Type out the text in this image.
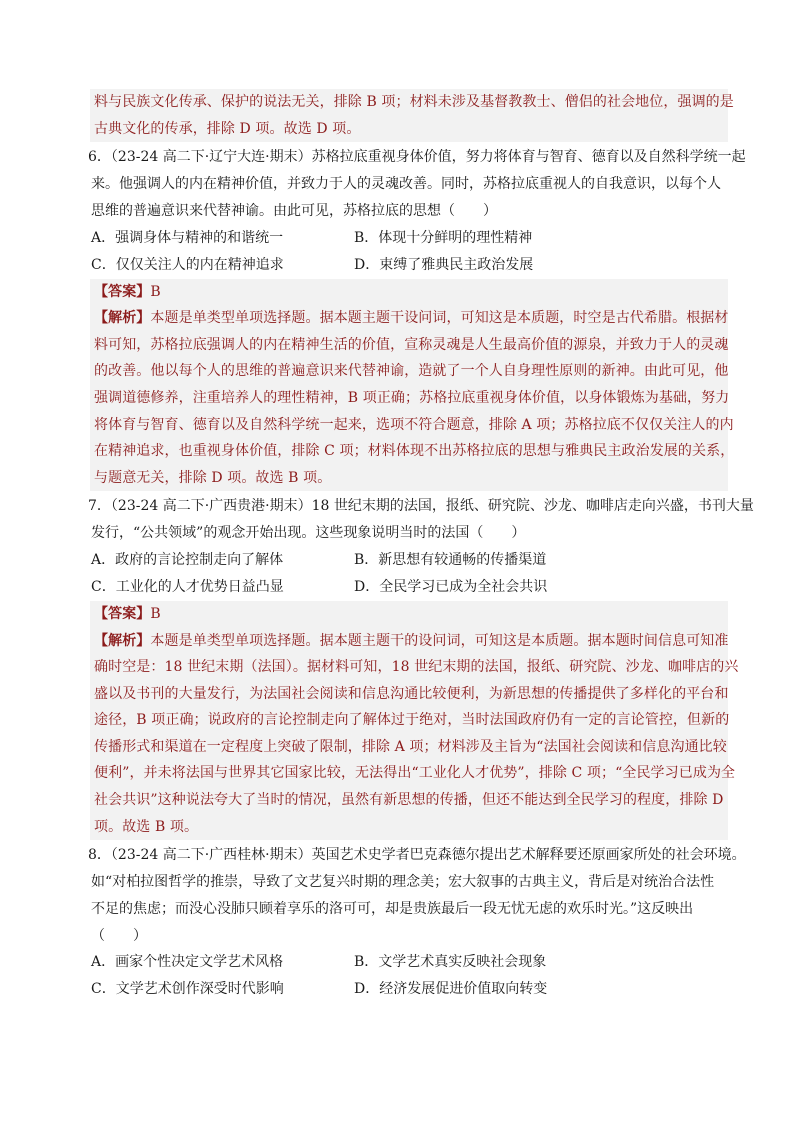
料与民族文化传承、保护的说法无关，排除 B 项；材料未涉及基督教教士、僧侣的社会地位，强调的是
古典文化的传承，排除 D 项。故选 D 项。
6．（23-24 高二下·辽宁大连·期末）苏格拉底重视身体价值，努力将体育与智育、德育以及自然科学统一起
来。他强调人的内在精神价值，并致力于人的灵魂改善。同时，苏格拉底重视人的自我意识，以每个人
思维的普遍意识来代替神谕。由此可见，苏格拉底的思想（　　）
A．强调身体与精神的和谐统一	B．体现十分鲜明的理性精神
C．仅仅关注人的内在精神追求	D．束缚了雅典民主政治发展
【答案】B
【解析】本题是单类型单项选择题。据本题主题干设问词，可知这是本质题，时空是古代希腊。根据材
料可知，苏格拉底强调人的内在精神生活的价值，宣称灵魂是人生最高价值的源泉，并致力于人的灵魂
的改善。他以每个人的思维的普遍意识来代替神谕，造就了一个人自身理性原则的新神。由此可见，他
强调道德修养，注重培养人的理性精神，B 项正确；苏格拉底重视身体价值，以身体锻炼为基础，努力
将体育与智育、德育以及自然科学统一起来，选项不符合题意，排除 A 项；苏格拉底不仅仅关注人的内
在精神追求，也重视身体价值，排除 C 项；材料体现不出苏格拉底的思想与雅典民主政治发展的关系，
与题意无关，排除 D 项。故选 B 项。
7．（23-24 高二下·广西贵港·期末）18 世纪末期的法国，报纸、研究院、沙龙、咖啡店走向兴盛，书刊大量
发行，“公共领域”的观念开始出现。这些现象说明当时的法国（　　）
A．政府的言论控制走向了解体	B．新思想有较通畅的传播渠道
C．工业化的人才优势日益凸显	D．全民学习已成为全社会共识
【答案】B
【解析】本题是单类型单项选择题。据本题主题干的设问词，可知这是本质题。据本题时间信息可知准
确时空是：18 世纪末期（法国）。据材料可知，18 世纪末期的法国，报纸、研究院、沙龙、咖啡店的兴
盛以及书刊的大量发行，为法国社会阅读和信息沟通比较便利，为新思想的传播提供了多样化的平台和
途径，B 项正确；说政府的言论控制走向了解体过于绝对，当时法国政府仍有一定的言论管控，但新的
传播形式和渠道在一定程度上突破了限制，排除 A 项；材料涉及主旨为“法国社会阅读和信息沟通比较
便利”，并未将法国与世界其它国家比较，无法得出“工业化人才优势”，排除 C 项；“全民学习已成为全
社会共识”这种说法夸大了当时的情况，虽然有新思想的传播，但还不能达到全民学习的程度，排除 D
项。故选 B 项。
8．（23-24 高二下·广西桂林·期末）英国艺术史学者巴克森德尔提出艺术解释要还原画家所处的社会环境。
如“对柏拉图哲学的推崇，导致了文艺复兴时期的理念美；宏大叙事的古典主义，背后是对统治合法性
不足的焦虑；而没心没肺只顾着享乐的洛可可，却是贵族最后一段无忧无虑的欢乐时光。”这反映出
（　　）
A．画家个性决定文学艺术风格	B．文学艺术真实反映社会现象
C．文学艺术创作深受时代影响	D．经济发展促进价值取向转变
